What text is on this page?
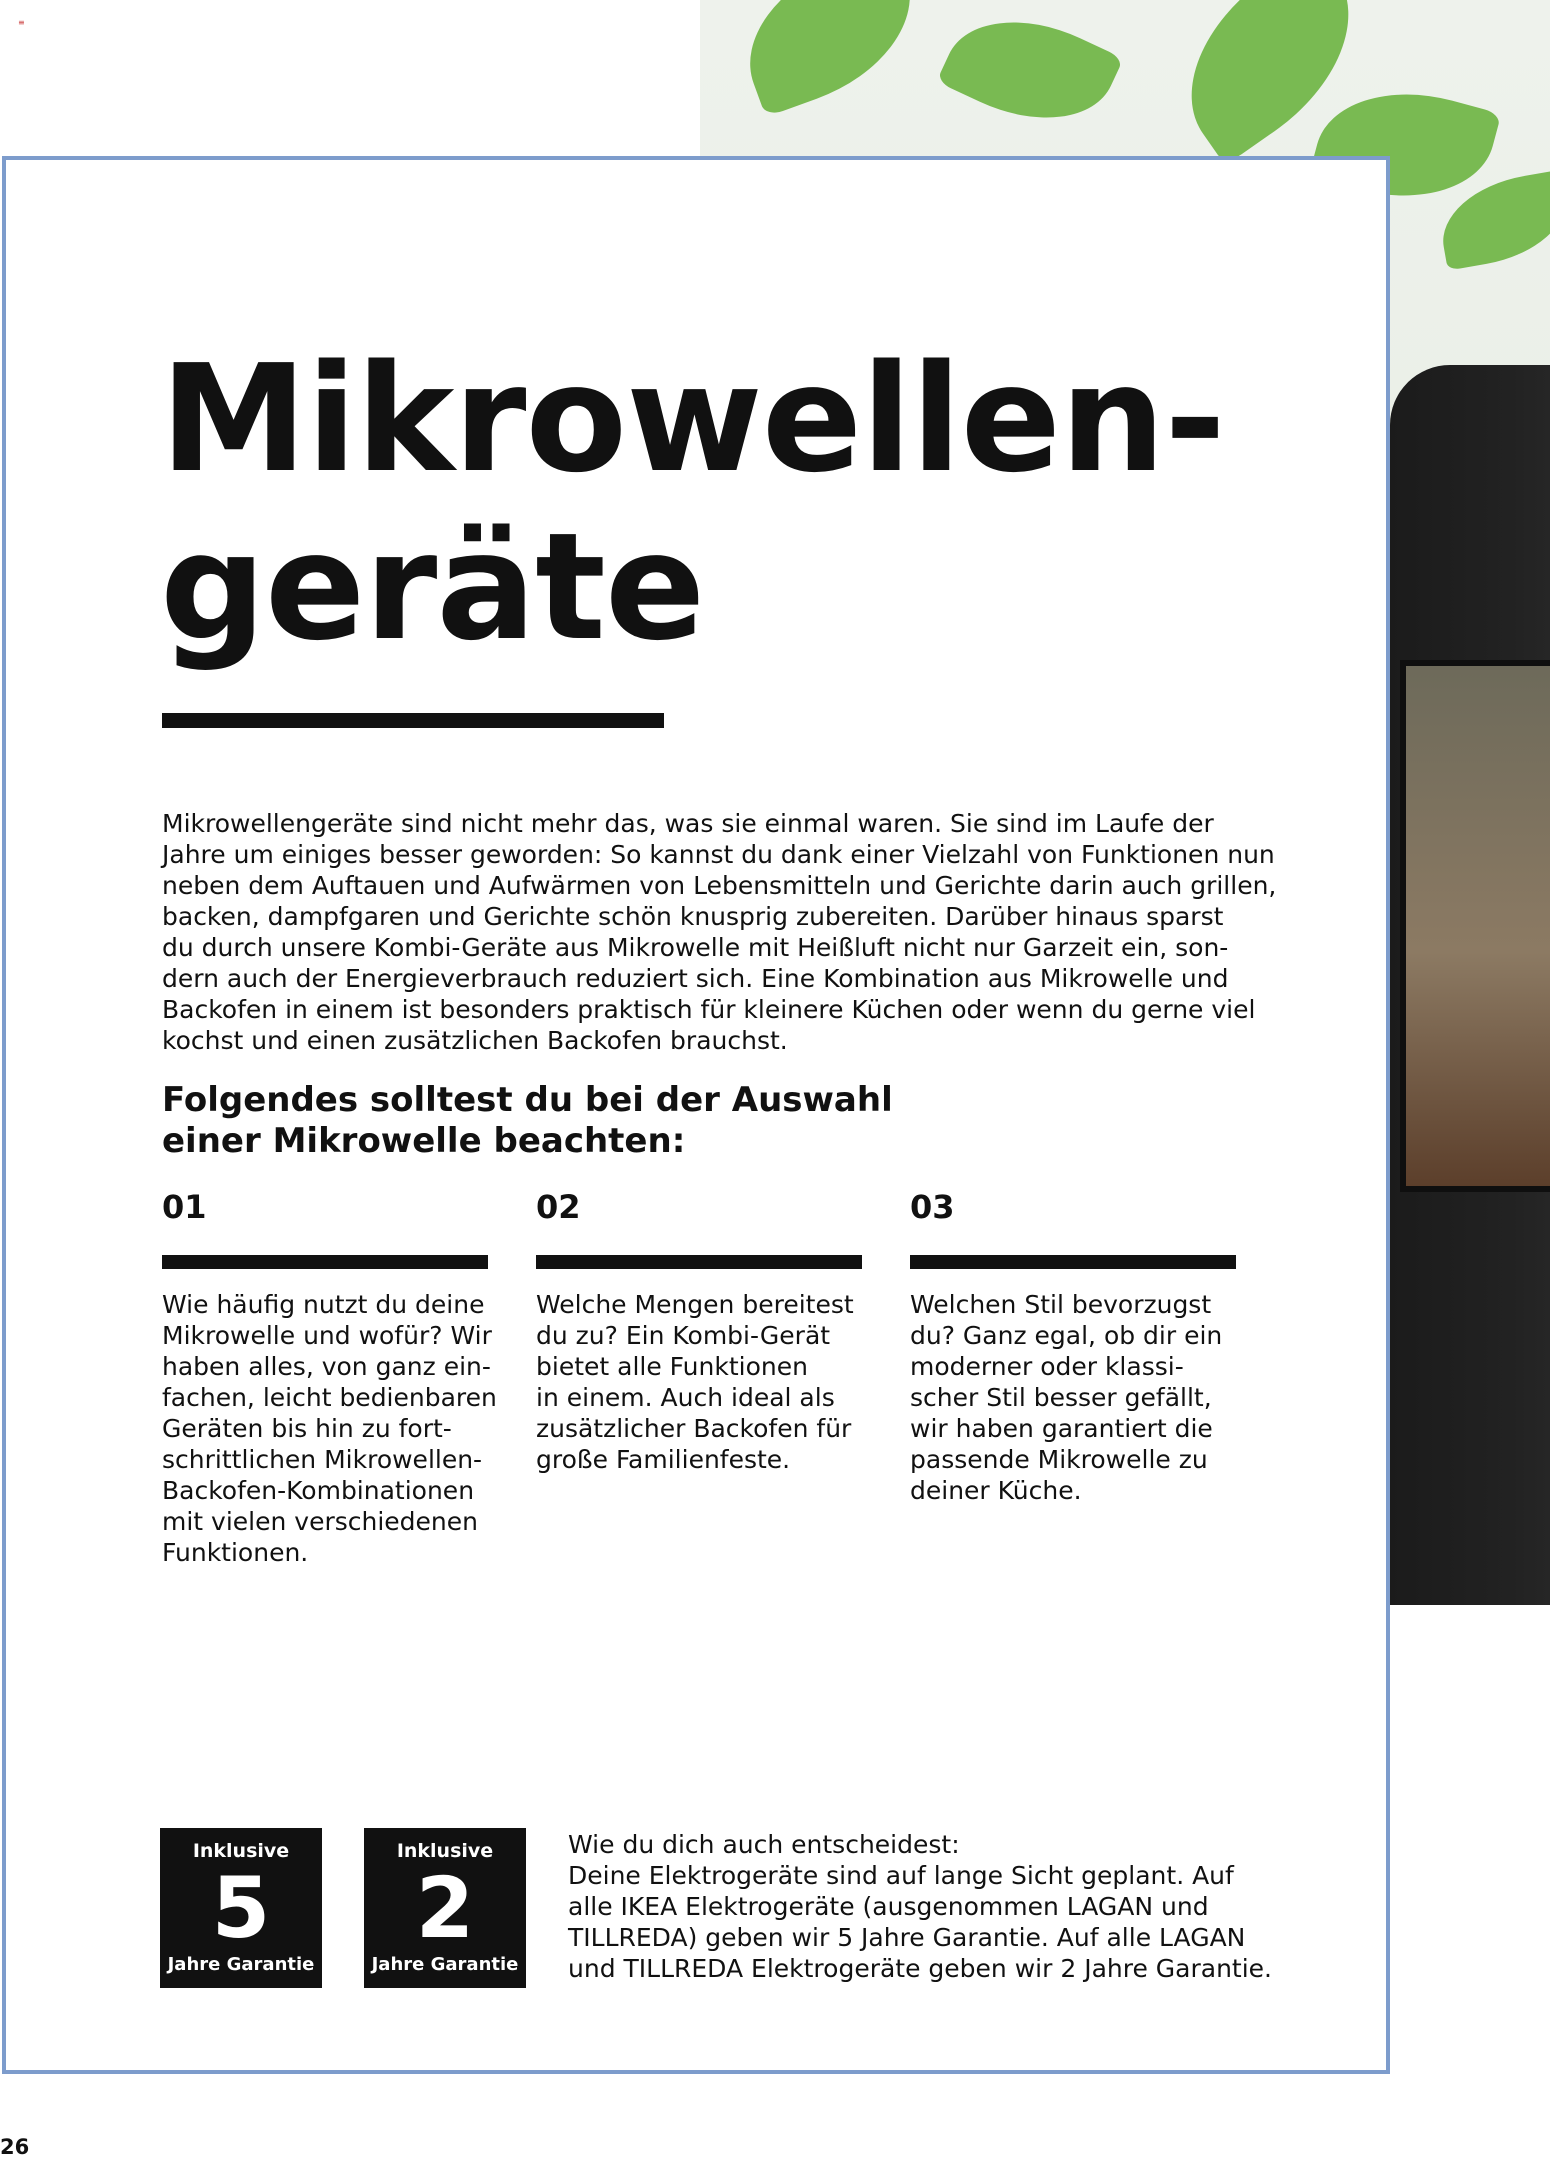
≡
Mikrowellen-
geräte
Mikrowellengeräte sind nicht mehr das, was sie einmal waren. Sie sind im Laufe der
Jahre um einiges besser geworden: So kannst du dank einer Vielzahl von Funktionen nun
neben dem Auftauen und Aufwärmen von Lebensmitteln und Gerichte darin auch grillen,
backen, dampfgaren und Gerichte schön knusprig zubereiten. Darüber hinaus sparst
du durch unsere Kombi-Geräte aus Mikrowelle mit Heißluft nicht nur Garzeit ein, son-
dern auch der Energieverbrauch reduziert sich. Eine Kombination aus Mikrowelle und
Backofen in einem ist besonders praktisch für kleinere Küchen oder wenn du gerne viel
kochst und einen zusätzlichen Backofen brauchst.
Folgendes solltest du bei der Auswahl
einer Mikrowelle beachten:
01
Wie häufig nutzt du deine
Mikrowelle und wofür? Wir
haben alles, von ganz ein-
fachen, leicht bedienbaren
Geräten bis hin zu fort-
schrittlichen Mikrowellen-
Backofen-Kombinationen
mit vielen verschiedenen
Funktionen.
02
Welche Mengen bereitest
du zu? Ein Kombi-Gerät
bietet alle Funktionen
in einem. Auch ideal als
zusätzlicher Backofen für
große Familienfeste.
03
Welchen Stil bevorzugst
du? Ganz egal, ob dir ein
moderner oder klassi-
scher Stil besser gefällt,
wir haben garantiert die
passende Mikrowelle zu
deiner Küche.
Inklusive
5
Jahre Garantie
Inklusive
2
Jahre Garantie
Wie du dich auch entscheidest:
Deine Elektrogeräte sind auf lange Sicht geplant. Auf
alle IKEA Elektrogeräte (ausgenommen LAGAN und
TILLREDA) geben wir 5 Jahre Garantie. Auf alle LAGAN
und TILLREDA Elektrogeräte geben wir 2 Jahre Garantie.
26
